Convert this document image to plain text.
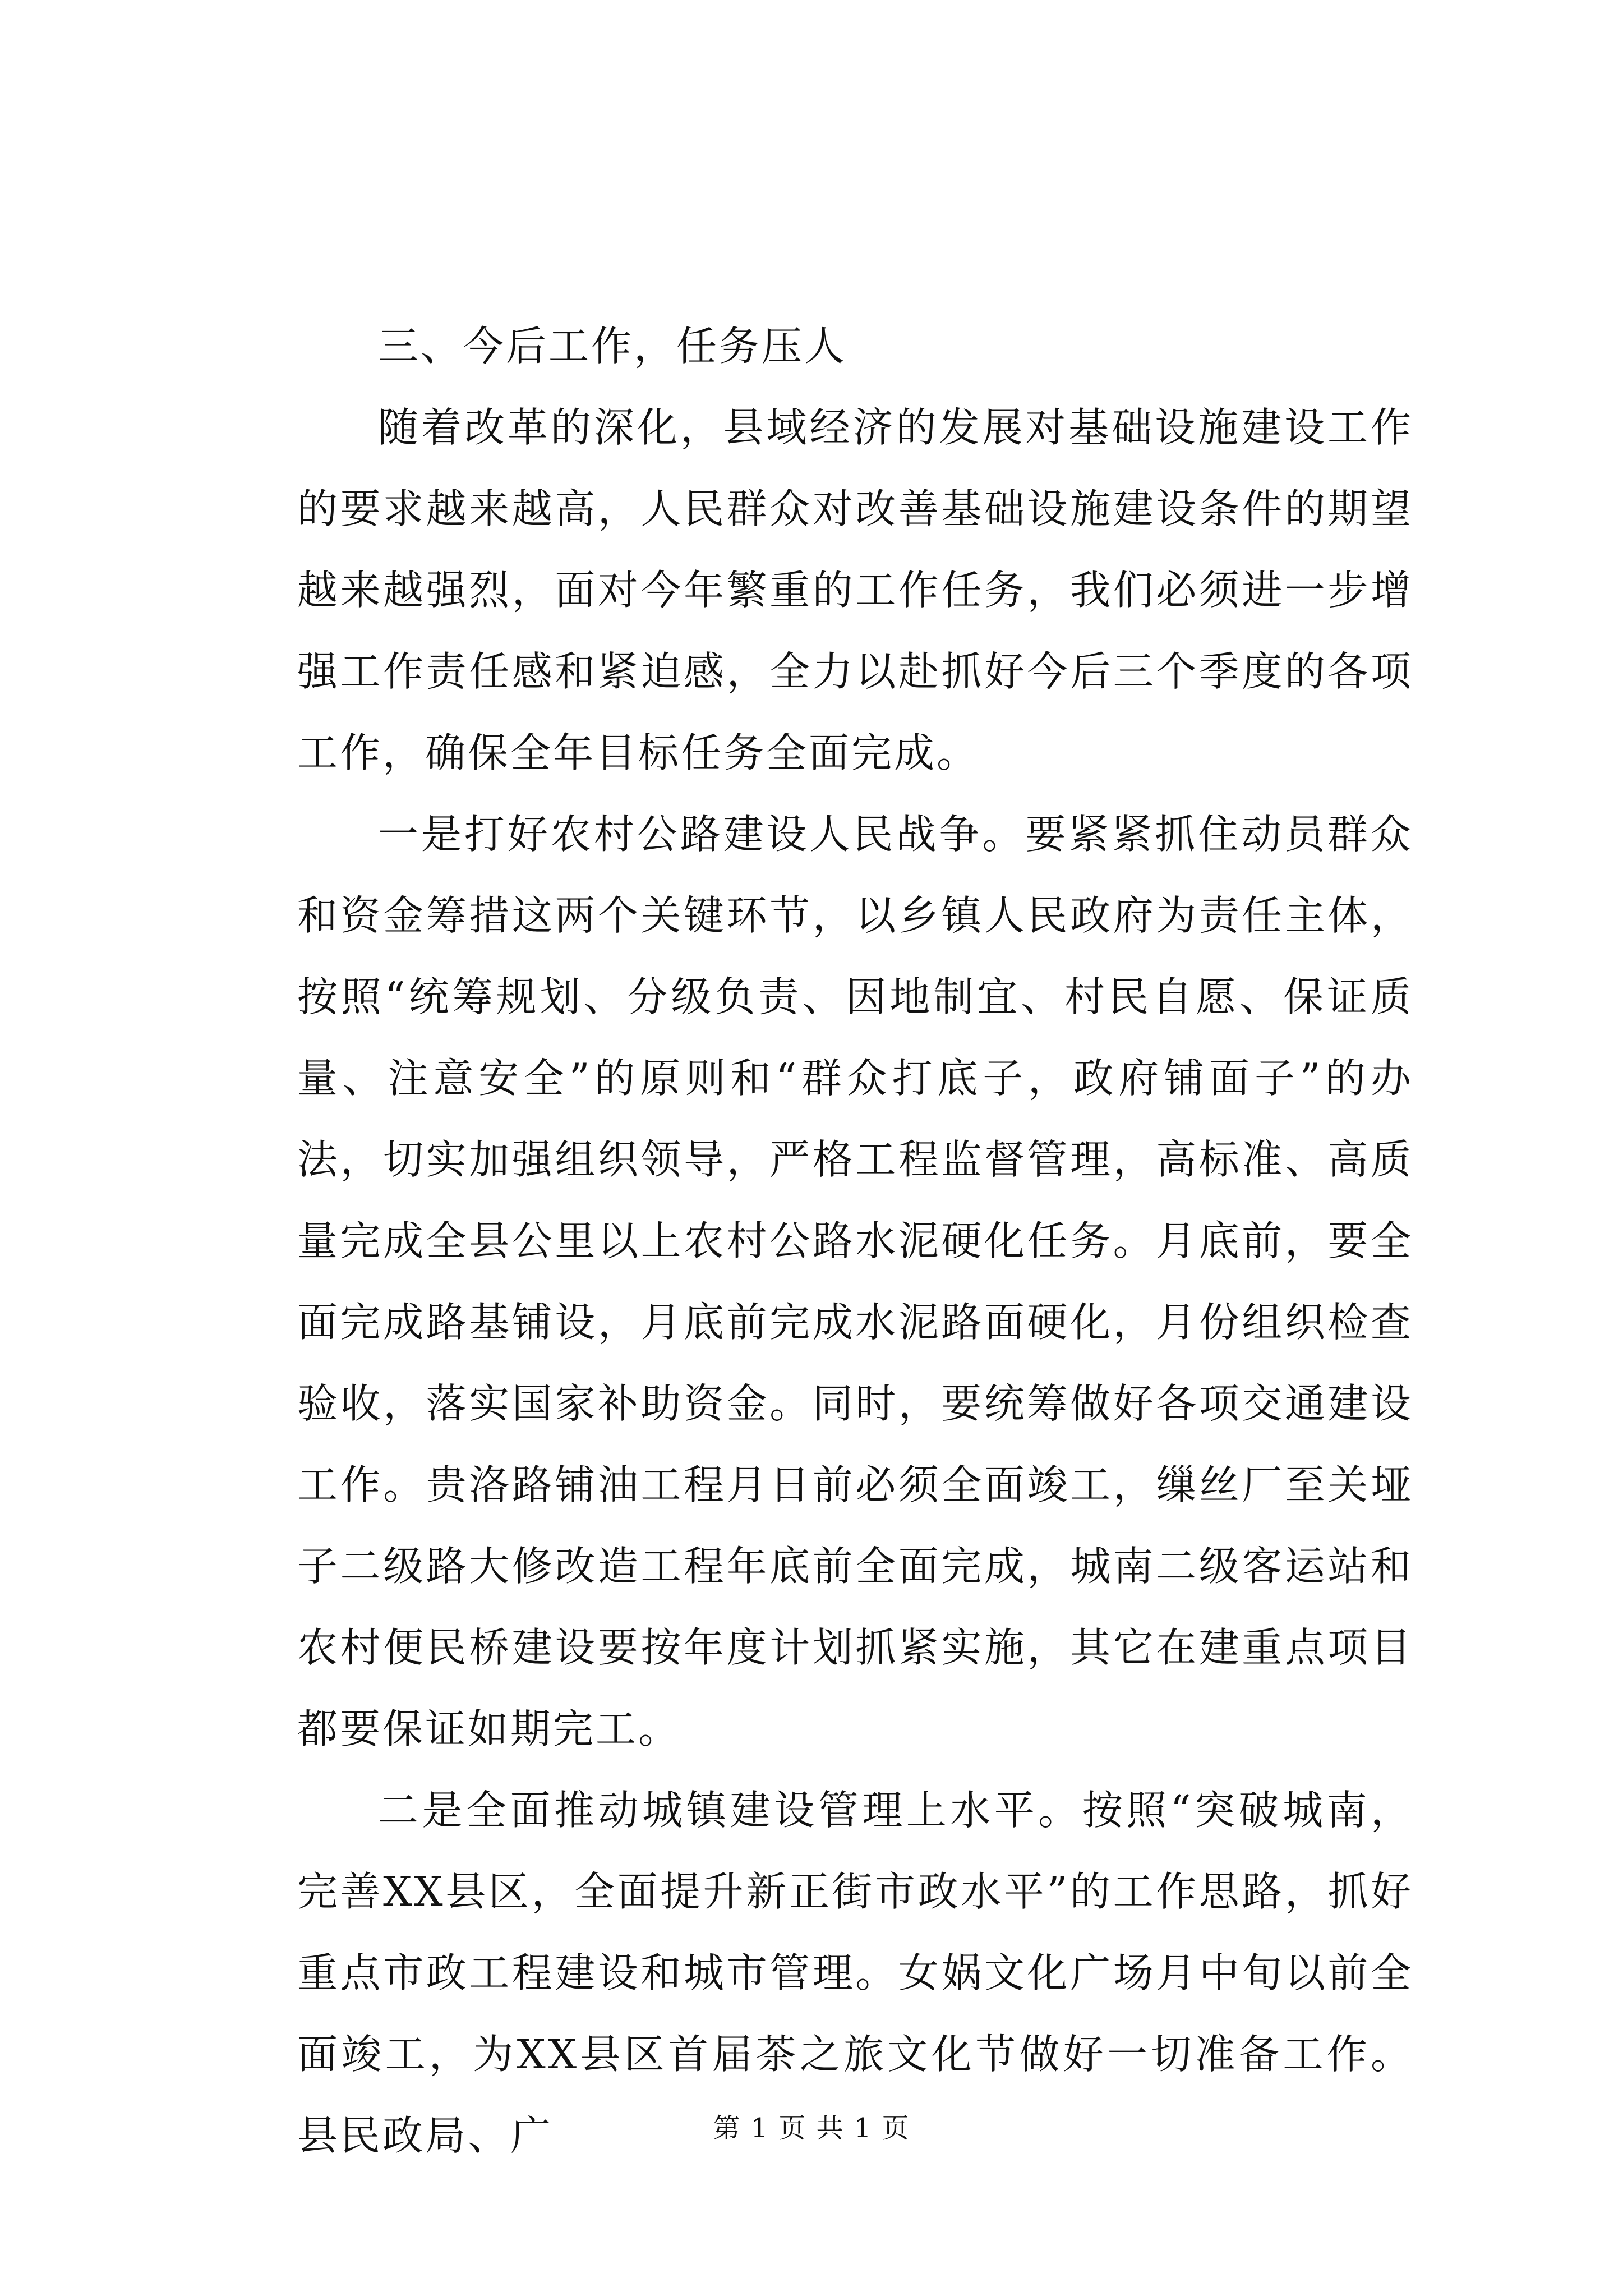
三、今后工作，任务压人

随着改革的深化，县域经济的发展对基础设施建设工作的要求越来越高，人民群众对改善基础设施建设条件的期望越来越强烈，面对今年繁重的工作任务，我们必须进一步增强工作责任感和紧迫感，全力以赴抓好今后三个季度的各项工作，确保全年目标任务全面完成。

一是打好农村公路建设人民战争。要紧紧抓住动员群众和资金筹措这两个关键环节，以乡镇人民政府为责任主体，按照“统筹规划、分级负责、因地制宜、村民自愿、保证质量、注意安全”的原则和“群众打底子，政府铺面子”的办法，切实加强组织领导，严格工程监督管理，高标准、高质量完成全县公里以上农村公路水泥硬化任务。月底前，要全面完成路基铺设，月底前完成水泥路面硬化，月份组织检查验收，落实国家补助资金。同时，要统筹做好各项交通建设工作。贵洛路铺油工程月日前必须全面竣工，缫丝厂至关垭子二级路大修改造工程年底前全面完成，城南二级客运站和农村便民桥建设要按年度计划抓紧实施，其它在建重点项目都要保证如期完工。

二是全面推动城镇建设管理上水平。按照“突破城南，完善XX县区，全面提升新正街市政水平”的工作思路，抓好重点市政工程建设和城市管理。女娲文化广场月中旬以前全面竣工，为XX县区首届茶之旅文化节做好一切准备工作。县民政局、广	第 1 页 共 1 页
